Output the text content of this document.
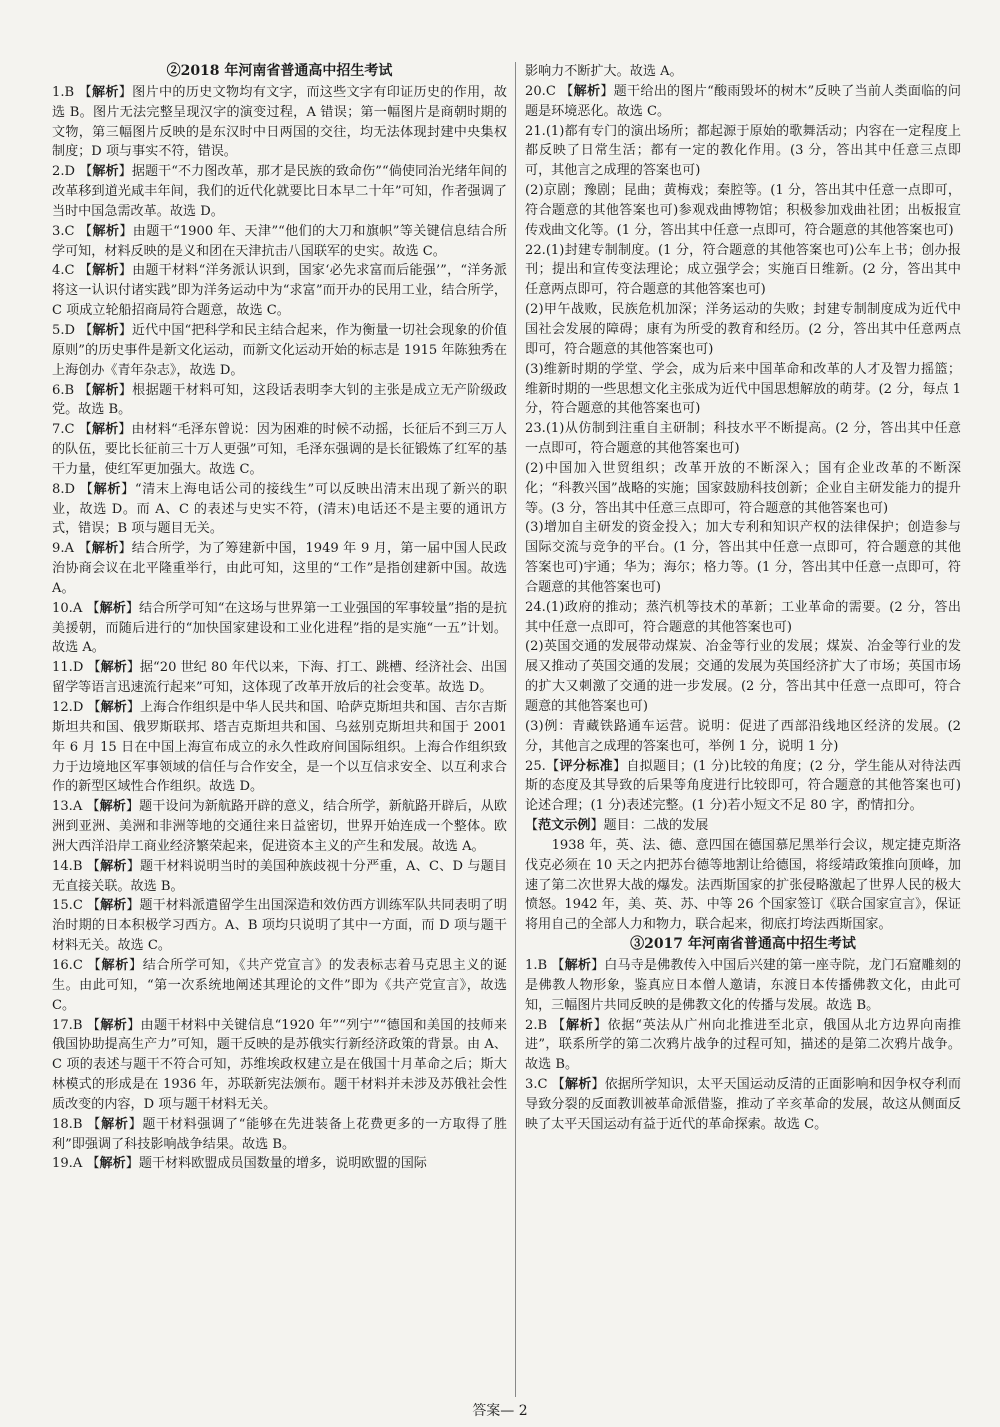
②2018 年河南省普通高中招生考试

1.B 【解析】图片中的历史文物均有文字，而这些文字有印证历史的作用，故选 B。图片无法完整呈现汉字的演变过程，A 错误；第一幅图片是商朝时期的文物，第三幅图片反映的是东汉时中日两国的交往，均无法体现封建中央集权制度；D 项与事实不符，错误。

2.D 【解析】据题干“不力图改革，那才是民族的致命伤”“倘使同治光绪年间的改革移到道光咸丰年间，我们的近代化就要比日本早二十年”可知，作者强调了当时中国急需改革。故选 D。

3.C 【解析】由题干“1900 年、天津”“他们的大刀和旗帜”等关键信息结合所学可知，材料反映的是义和团在天津抗击八国联军的史实。故选 C。

4.C 【解析】由题干材料“洋务派认识到，国家‘必先求富而后能强’”，“洋务派将这一认识付诸实践”即为洋务运动中为“求富”而开办的民用工业，结合所学，C 项成立轮船招商局符合题意，故选 C。

5.D 【解析】近代中国“把科学和民主结合起来，作为衡量一切社会现象的价值原则”的历史事件是新文化运动，而新文化运动开始的标志是 1915 年陈独秀在上海创办《青年杂志》，故选 D。

6.B 【解析】根据题干材料可知，这段话表明李大钊的主张是成立无产阶级政党。故选 B。

7.C 【解析】由材料“毛泽东曾说：因为困难的时候不动摇，长征后不到三万人的队伍，要比长征前三十万人更强”可知，毛泽东强调的是长征锻炼了红军的基干力量，使红军更加强大。故选 C。

8.D 【解析】“清末上海电话公司的接线生”可以反映出清末出现了新兴的职业，故选 D。而 A、C 的表述与史实不符，(清末)电话还不是主要的通讯方式，错误；B 项与题目无关。

9.A 【解析】结合所学，为了筹建新中国，1949 年 9 月，第一届中国人民政治协商会议在北平隆重举行，由此可知，这里的“工作”是指创建新中国。故选 A。

10.A 【解析】结合所学可知“在这场与世界第一工业强国的军事较量”指的是抗美援朝，而随后进行的“加快国家建设和工业化进程”指的是实施“一五”计划。故选 A。

11.D 【解析】据“20 世纪 80 年代以来，下海、打工、跳槽、经济社会、出国留学等语言迅速流行起来”可知，这体现了改革开放后的社会变革。故选 D。

12.D 【解析】上海合作组织是中华人民共和国、哈萨克斯坦共和国、吉尔吉斯斯坦共和国、俄罗斯联邦、塔吉克斯坦共和国、乌兹别克斯坦共和国于 2001 年 6 月 15 日在中国上海宣布成立的永久性政府间国际组织。上海合作组织致力于边境地区军事领域的信任与合作安全，是一个以互信求安全、以互利求合作的新型区域性合作组织。故选 D。

13.A 【解析】题干设问为新航路开辟的意义，结合所学，新航路开辟后，从欧洲到亚洲、美洲和非洲等地的交通往来日益密切，世界开始连成一个整体。欧洲大西洋沿岸工商业经济繁荣起来，促进资本主义的产生和发展。故选 A。

14.B 【解析】题干材料说明当时的美国种族歧视十分严重，A、C、D 与题目无直接关联。故选 B。

15.C 【解析】题干材料派遣留学生出国深造和效仿西方训练军队共同表明了明治时期的日本积极学习西方。A、B 项均只说明了其中一方面，而 D 项与题干材料无关。故选 C。

16.C 【解析】结合所学可知，《共产党宣言》的发表标志着马克思主义的诞生。由此可知，“第一次系统地阐述其理论的文件”即为《共产党宣言》，故选 C。

17.B 【解析】由题干材料中关键信息“1920 年”“列宁”“德国和美国的技师来俄国协助提高生产力”可知，题干反映的是苏俄实行新经济政策的背景。由 A、C 项的表述与题干不符合可知，苏维埃政权建立是在俄国十月革命之后；斯大林模式的形成是在 1936 年，苏联新宪法颁布。题干材料并未涉及苏俄社会性质改变的内容，D 项与题干材料无关。

18.B 【解析】题干材料强调了“能够在先进装备上花费更多的一方取得了胜利”即强调了科技影响战争结果。故选 B。

19.A 【解析】题干材料欧盟成员国数量的增多，说明欧盟的国际

影响力不断扩大。故选 A。

20.C 【解析】题干给出的图片“酸雨毁坏的树木”反映了当前人类面临的问题是环境恶化。故选 C。

21.(1)都有专门的演出场所；都起源于原始的歌舞活动；内容在一定程度上都反映了日常生活；都有一定的教化作用。(3 分，答出其中任意三点即可，其他言之成理的答案也可)

(2)京剧；豫剧；昆曲；黄梅戏；秦腔等。(1 分，答出其中任意一点即可，符合题意的其他答案也可)参观戏曲博物馆；积极参加戏曲社团；出板报宣传戏曲文化等。(1 分，答出其中任意一点即可，符合题意的其他答案也可)

22.(1)封建专制制度。(1 分，符合题意的其他答案也可)公车上书；创办报刊；提出和宣传变法理论；成立强学会；实施百日维新。(2 分，答出其中任意两点即可，符合题意的其他答案也可)

(2)甲午战败，民族危机加深；洋务运动的失败；封建专制制度成为近代中国社会发展的障碍；康有为所受的教育和经历。(2 分，答出其中任意两点即可，符合题意的其他答案也可)

(3)维新时期的学堂、学会，成为后来中国革命和改革的人才及智力摇篮；维新时期的一些思想文化主张成为近代中国思想解放的萌芽。(2 分，每点 1 分，符合题意的其他答案也可)

23.(1)从仿制到注重自主研制；科技水平不断提高。(2 分，答出其中任意一点即可，符合题意的其他答案也可)

(2)中国加入世贸组织；改革开放的不断深入；国有企业改革的不断深化；“科教兴国”战略的实施；国家鼓励科技创新；企业自主研发能力的提升等。(3 分，答出其中任意三点即可，符合题意的其他答案也可)

(3)增加自主研发的资金投入；加大专利和知识产权的法律保护；创造参与国际交流与竞争的平台。(1 分，答出其中任意一点即可，符合题意的其他答案也可)宇通；华为；海尔；格力等。(1 分，答出其中任意一点即可，符合题意的其他答案也可)

24.(1)政府的推动；蒸汽机等技术的革新；工业革命的需要。(2 分，答出其中任意一点即可，符合题意的其他答案也可)

(2)英国交通的发展带动煤炭、冶金等行业的发展；煤炭、冶金等行业的发展又推动了英国交通的发展；交通的发展为英国经济扩大了市场；英国市场的扩大又刺激了交通的进一步发展。(2 分，答出其中任意一点即可，符合题意的其他答案也可)

(3)例：青藏铁路通车运营。说明：促进了西部沿线地区经济的发展。(2 分，其他言之成理的答案也可，举例 1 分，说明 1 分)

25.【评分标准】自拟题目；(1 分)比较的角度；(2 分，学生能从对待法西斯的态度及其导致的后果等角度进行比较即可，符合题意的其他答案也可)论述合理；(1 分)表述完整。(1 分)若小短文不足 80 字，酌情扣分。

【范文示例】题目：二战的发展

　　1938 年，英、法、德、意四国在德国慕尼黑举行会议，规定捷克斯洛伐克必须在 10 天之内把苏台德等地割让给德国，将绥靖政策推向顶峰，加速了第二次世界大战的爆发。法西斯国家的扩张侵略激起了世界人民的极大愤怒。1942 年，美、英、苏、中等 26 个国家签订《联合国家宣言》，保证将用自己的全部人力和物力，联合起来，彻底打垮法西斯国家。

③2017 年河南省普通高中招生考试

1.B 【解析】白马寺是佛教传入中国后兴建的第一座寺院，龙门石窟雕刻的是佛教人物形象，鉴真应日本僧人邀请，东渡日本传播佛教文化，由此可知，三幅图片共同反映的是佛教文化的传播与发展。故选 B。

2.B 【解析】依据“英法从广州向北推进至北京，俄国从北方边界向南推进”，联系所学的第二次鸦片战争的过程可知，描述的是第二次鸦片战争。故选 B。

3.C 【解析】依据所学知识，太平天国运动反清的正面影响和因争权夺利而导致分裂的反面教训被革命派借鉴，推动了辛亥革命的发展，故这从侧面反映了太平天国运动有益于近代的革命探索。故选 C。

答案— 2
